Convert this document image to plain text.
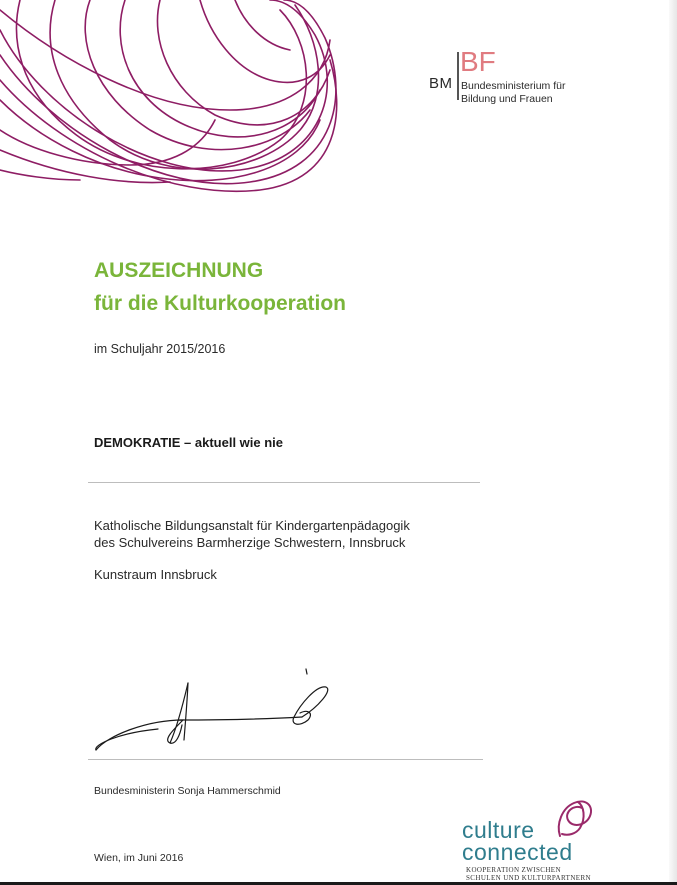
BM
BF
Bundesministerium für
Bildung und Frauen
AUSZEICHNUNG
für die Kulturkooperation
im Schuljahr 2015/2016
DEMOKRATIE – aktuell wie nie
Katholische Bildungsanstalt für Kindergartenpädagogik
des Schulvereins Barmherzige Schwestern, Innsbruck
Kunstraum Innsbruck
Bundesministerin Sonja Hammerschmid
Wien, im Juni 2016
culture
connected
KOOPERATION ZWISCHEN
SCHULEN UND KULTURPARTNERN
